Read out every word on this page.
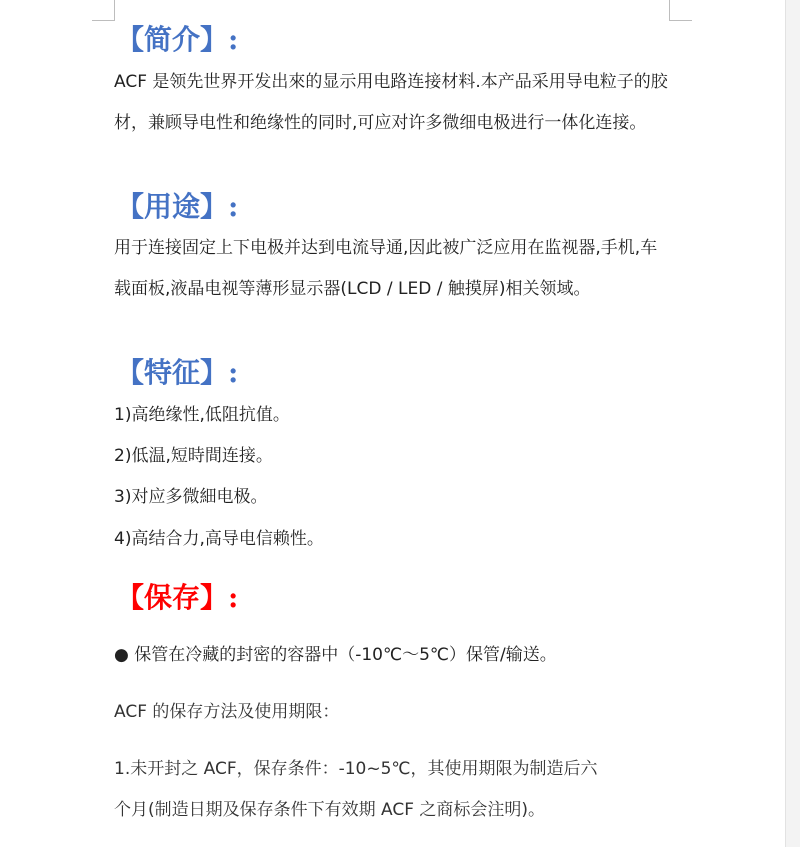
【简介】:

ACF 是领先世界开发出來的显示用电路连接材料.本产品采用导电粒子的胶材，兼顾导电性和绝缘性的同时,可应对许多微细电极进行一体化连接。

【用途】:

用于连接固定上下电极并达到电流导通,因此被广泛应用在监视器,手机,车载面板,液晶电视等薄形显示器(LCD / LED / 触摸屏)相关领域。

【特征】:
1)高绝缘性,低阻抗值。
2)低温,短時間连接。
3)对应多微細电极。
4)高结合力,高导电信赖性。
【保存】:
● 保管在冷藏的封密的容器中（-10℃～5℃）保管/输送。
ACF 的保存方法及使用期限：
1.未开封之 ACF，保存条件：-10~5℃，其使用期限为制造后六
个月(制造日期及保存条件下有效期 ACF 之商标会注明)。
